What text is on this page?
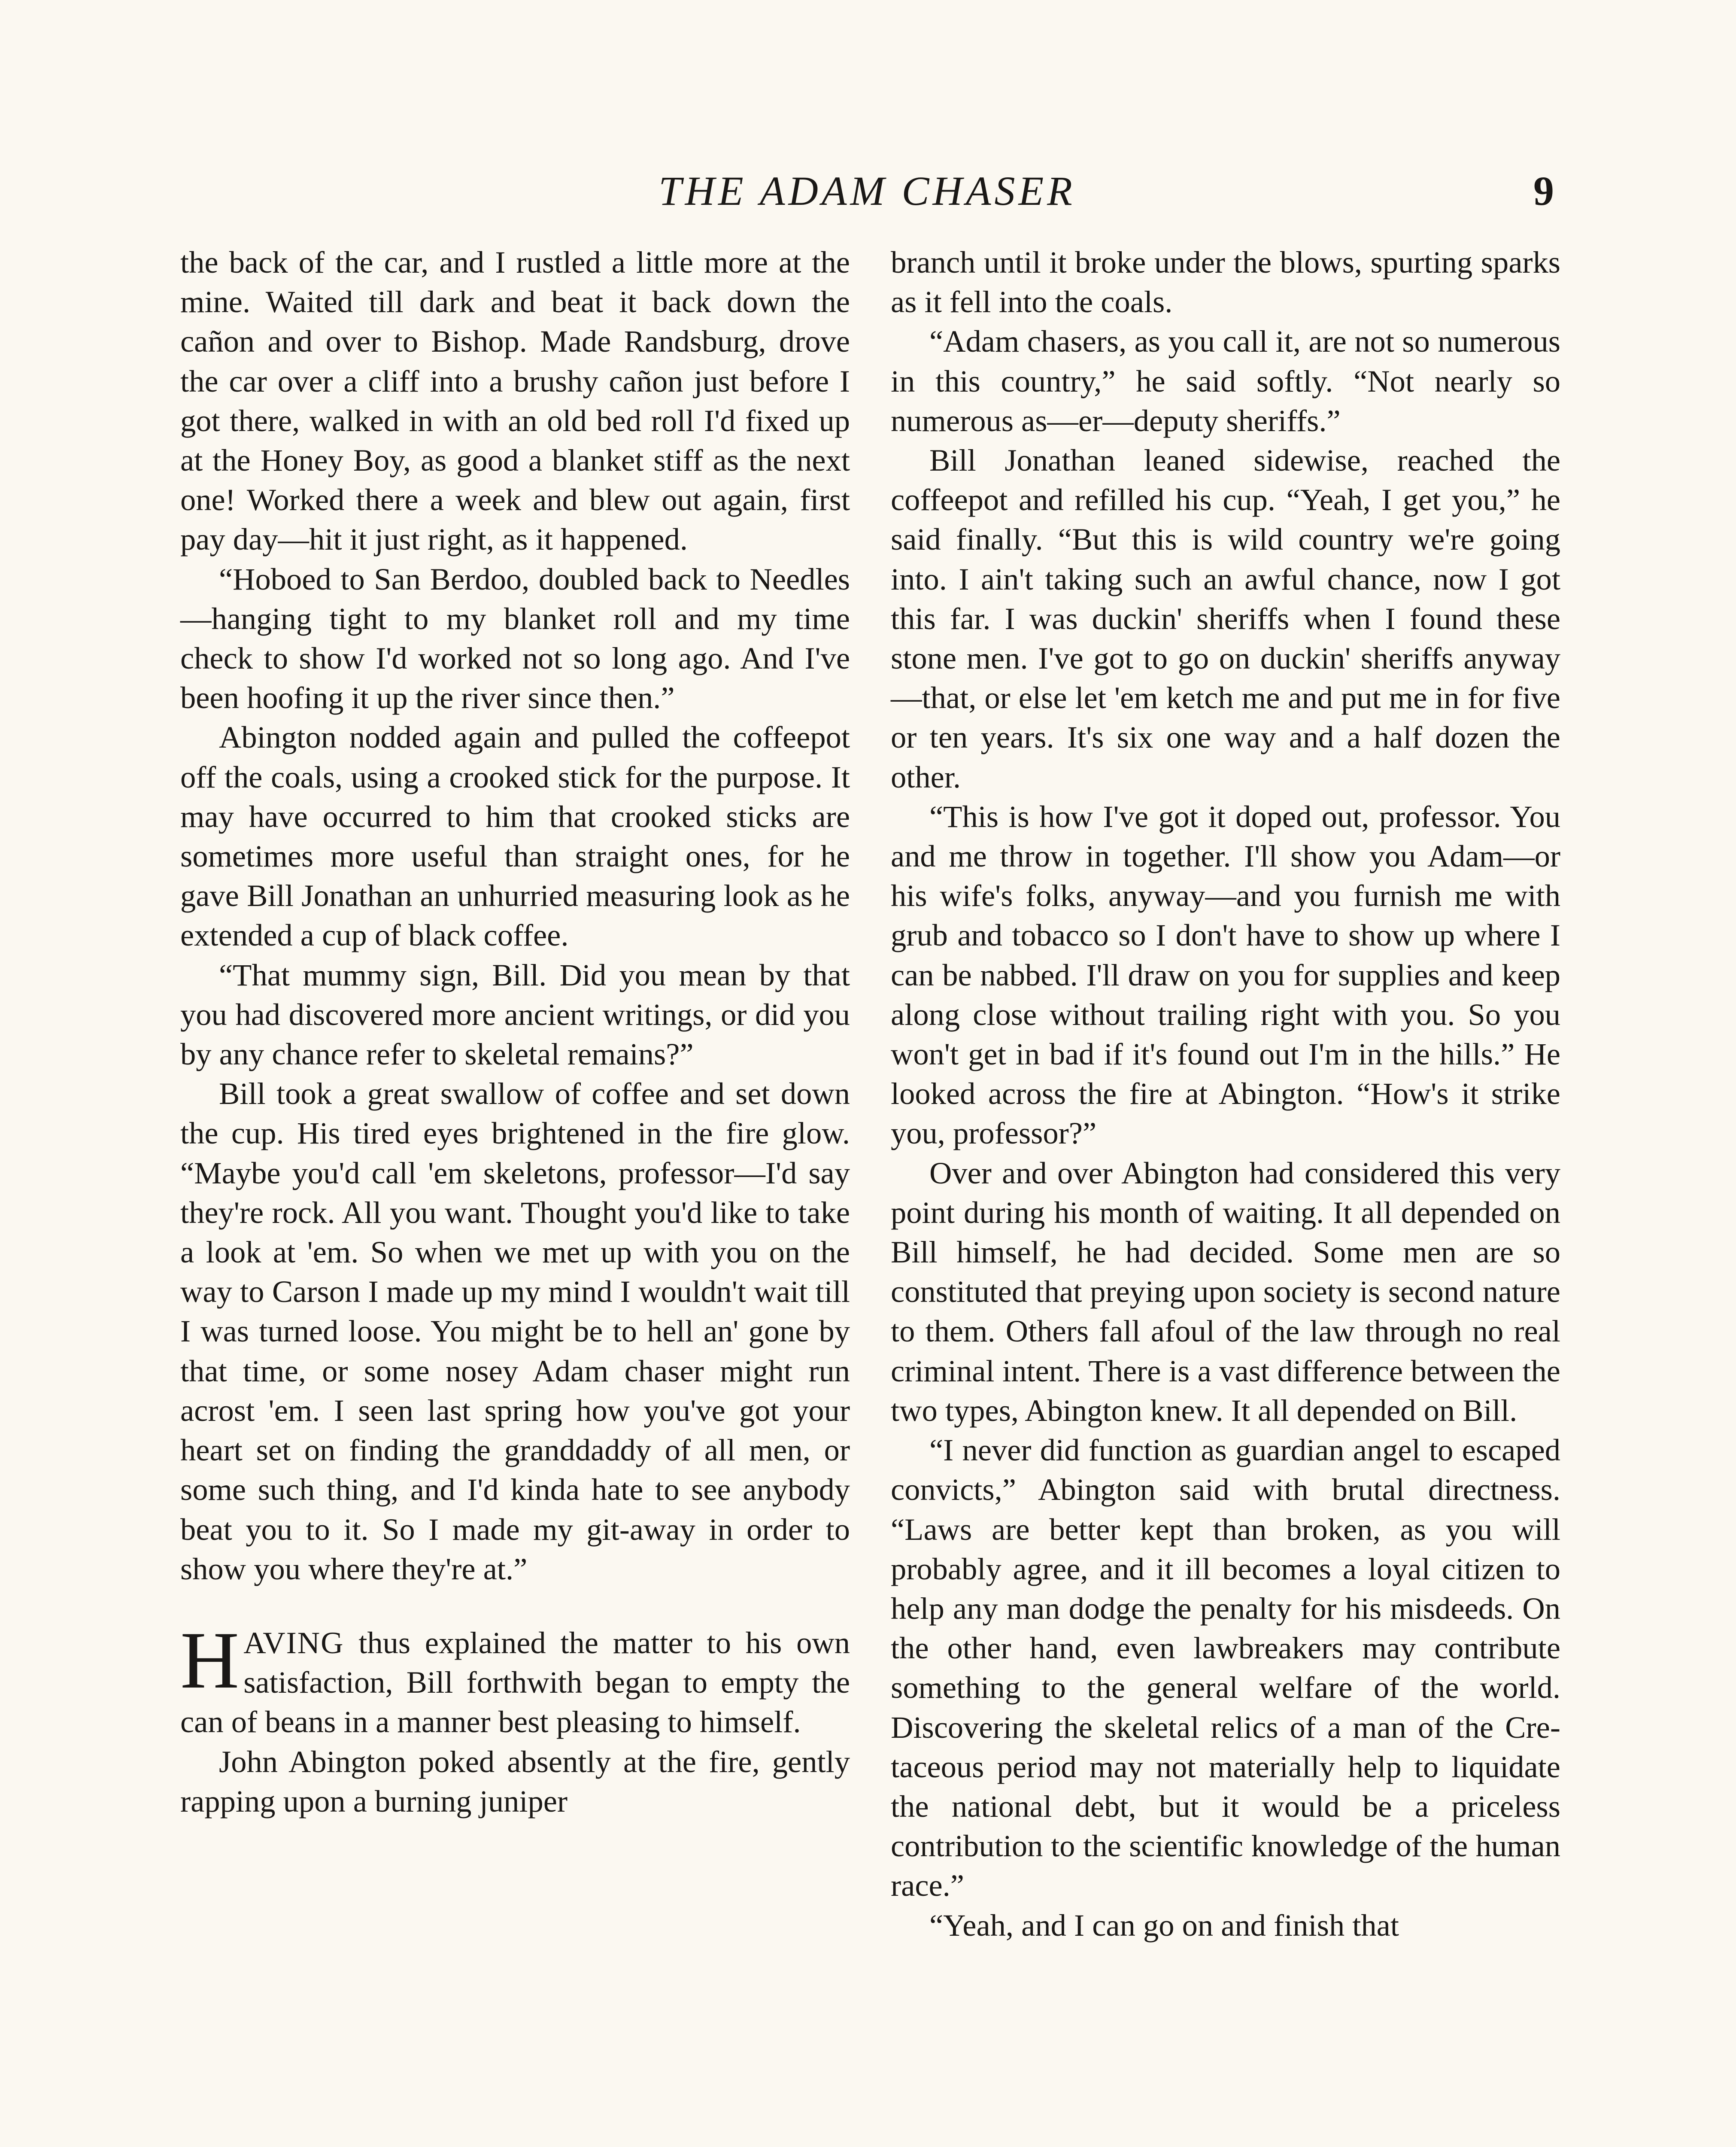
THE ADAM CHASER	9

the back of the car, and I rustled a little more at the mine. Waited till dark and beat it back down the cañon and over to Bishop. Made Randsburg, drove the car over a cliff into a brushy cañon just before I got there, walked in with an old bed roll I'd fixed up at the Honey Boy, as good a blanket stiff as the next one! Worked there a week and blew out again, first pay day—hit it just right, as it happened.

“Hoboed to San Berdoo, doubled back to Needles—hanging tight to my blanket roll and my time check to show I'd worked not so long ago. And I've been hoofing it up the river since then.”

Abington nodded again and pulled the coffeepot off the coals, using a crooked stick for the purpose. It may have occurred to him that crooked sticks are sometimes more useful than straight ones, for he gave Bill Jonathan an unhurried measuring look as he extended a cup of black coffee.

“That mummy sign, Bill. Did you mean by that you had discovered more ancient writings, or did you by any chance refer to skeletal remains?”

Bill took a great swallow of coffee and set down the cup. His tired eyes brightened in the fire glow. “Maybe you'd call 'em skeletons, professor—I'd say they're rock. All you want. Thought you'd like to take a look at 'em. So when we met up with you on the way to Carson I made up my mind I wouldn't wait till I was turned loose. You might be to hell an' gone by that time, or some nosey Adam chaser might run acrost 'em. I seen last spring how you've got your heart set on finding the granddaddy of all men, or some such thing, and I'd kinda hate to see anybody beat you to it. So I made my git-away in order to show you where they're at.”

HAVING thus explained the matter to his own satisfaction, Bill forthwith began to empty the can of beans in a manner best pleasing to himself.

John Abington poked absently at the fire, gently rapping upon a burning juniper

branch until it broke under the blows, spurting sparks as it fell into the coals.

“Adam chasers, as you call it, are not so numerous in this country,” he said softly. “Not nearly so numerous as—er—deputy sheriffs.”

Bill Jonathan leaned sidewise, reached the coffeepot and refilled his cup. “Yeah, I get you,” he said finally. “But this is wild country we're going into. I ain't taking such an awful chance, now I got this far. I was duckin' sheriffs when I found these stone men. I've got to go on duckin' sheriffs anyway—that, or else let 'em ketch me and put me in for five or ten years. It's six one way and a half dozen the other.

“This is how I've got it doped out, professor. You and me throw in together. I'll show you Adam—or his wife's folks, anyway—and you furnish me with grub and tobacco so I don't have to show up where I can be nabbed. I'll draw on you for supplies and keep along close without trailing right with you. So you won't get in bad if it's found out I'm in the hills.” He looked across the fire at Abington. “How's it strike you, professor?”

Over and over Abington had considered this very point during his month of waiting. It all depended on Bill himself, he had decided. Some men are so constituted that preying upon society is second nature to them. Others fall afoul of the law through no real criminal intent. There is a vast difference between the two types, Abington knew. It all depended on Bill.

“I never did function as guardian angel to escaped convicts,” Abington said with brutal directness. “Laws are better kept than broken, as you will probably agree, and it ill becomes a loyal citizen to help any man dodge the penalty for his misdeeds. On the other hand, even lawbreakers may contribute something to the general welfare of the world. Discovering the skeletal relics of a man of the Cretaceous period may not materially help to liquidate the national debt, but it would be a priceless contribution to the scientific knowledge of the human race.”

“Yeah, and I can go on and finish that
